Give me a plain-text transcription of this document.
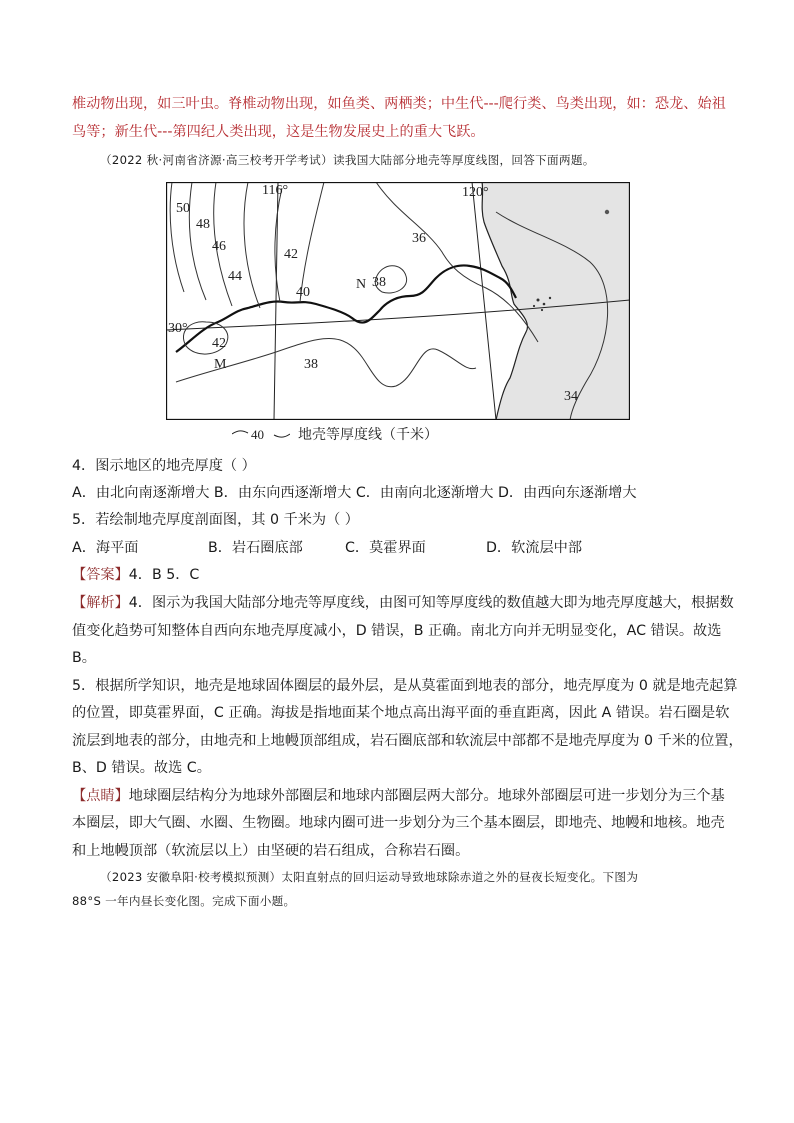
椎动物出现，如三叶虫。脊椎动物出现，如鱼类、两栖类；中生代---爬行类、鸟类出现，如：恐龙、始祖
鸟等；新生代---第四纪人类出现，这是生物发展史上的重大飞跃。
（2022 秋·河南省济源·高三校考开学考试）读我国大陆部分地壳等厚度线图，回答下面两题。
116°	120°
30°
50
48
46
44
42
40
42
M
N 38
38
36
34
40 地壳等厚度线（千米）
4．图示地区的地壳厚度（ ）
A．由北向南逐渐增大 B．由东向西逐渐增大 C．由南向北逐渐增大 D．由西向东逐渐增大
5．若绘制地壳厚度剖面图，其 0 千米为（ ）
A．海平面	B．岩石圈底部	C．莫霍界面	D．软流层中部
【答案】4．B 5．C
【解析】4．图示为我国大陆部分地壳等厚度线，由图可知等厚度线的数值越大即为地壳厚度越大，根据数
值变化趋势可知整体自西向东地壳厚度减小，D 错误，B 正确。南北方向并无明显变化，AC 错误。故选
B。
5．根据所学知识，地壳是地球固体圈层的最外层，是从莫霍面到地表的部分，地壳厚度为 0 就是地壳起算
的位置，即莫霍界面，C 正确。海拔是指地面某个地点高出海平面的垂直距离，因此 A 错误。岩石圈是软
流层到地表的部分，由地壳和上地幔顶部组成，岩石圈底部和软流层中部都不是地壳厚度为 0 千米的位置，
B、D 错误。故选 C。
【点睛】地球圈层结构分为地球外部圈层和地球内部圈层两大部分。地球外部圈层可进一步划分为三个基
本圈层，即大气圈、水圈、生物圈。地球内圈可进一步划分为三个基本圈层，即地壳、地幔和地核。地壳
和上地幔顶部（软流层以上）由坚硬的岩石组成，合称岩石圈。
（2023 安徽阜阳·校考模拟预测）太阳直射点的回归运动导致地球除赤道之外的昼夜长短变化。下图为
88°S 一年内昼长变化图。完成下面小题。
